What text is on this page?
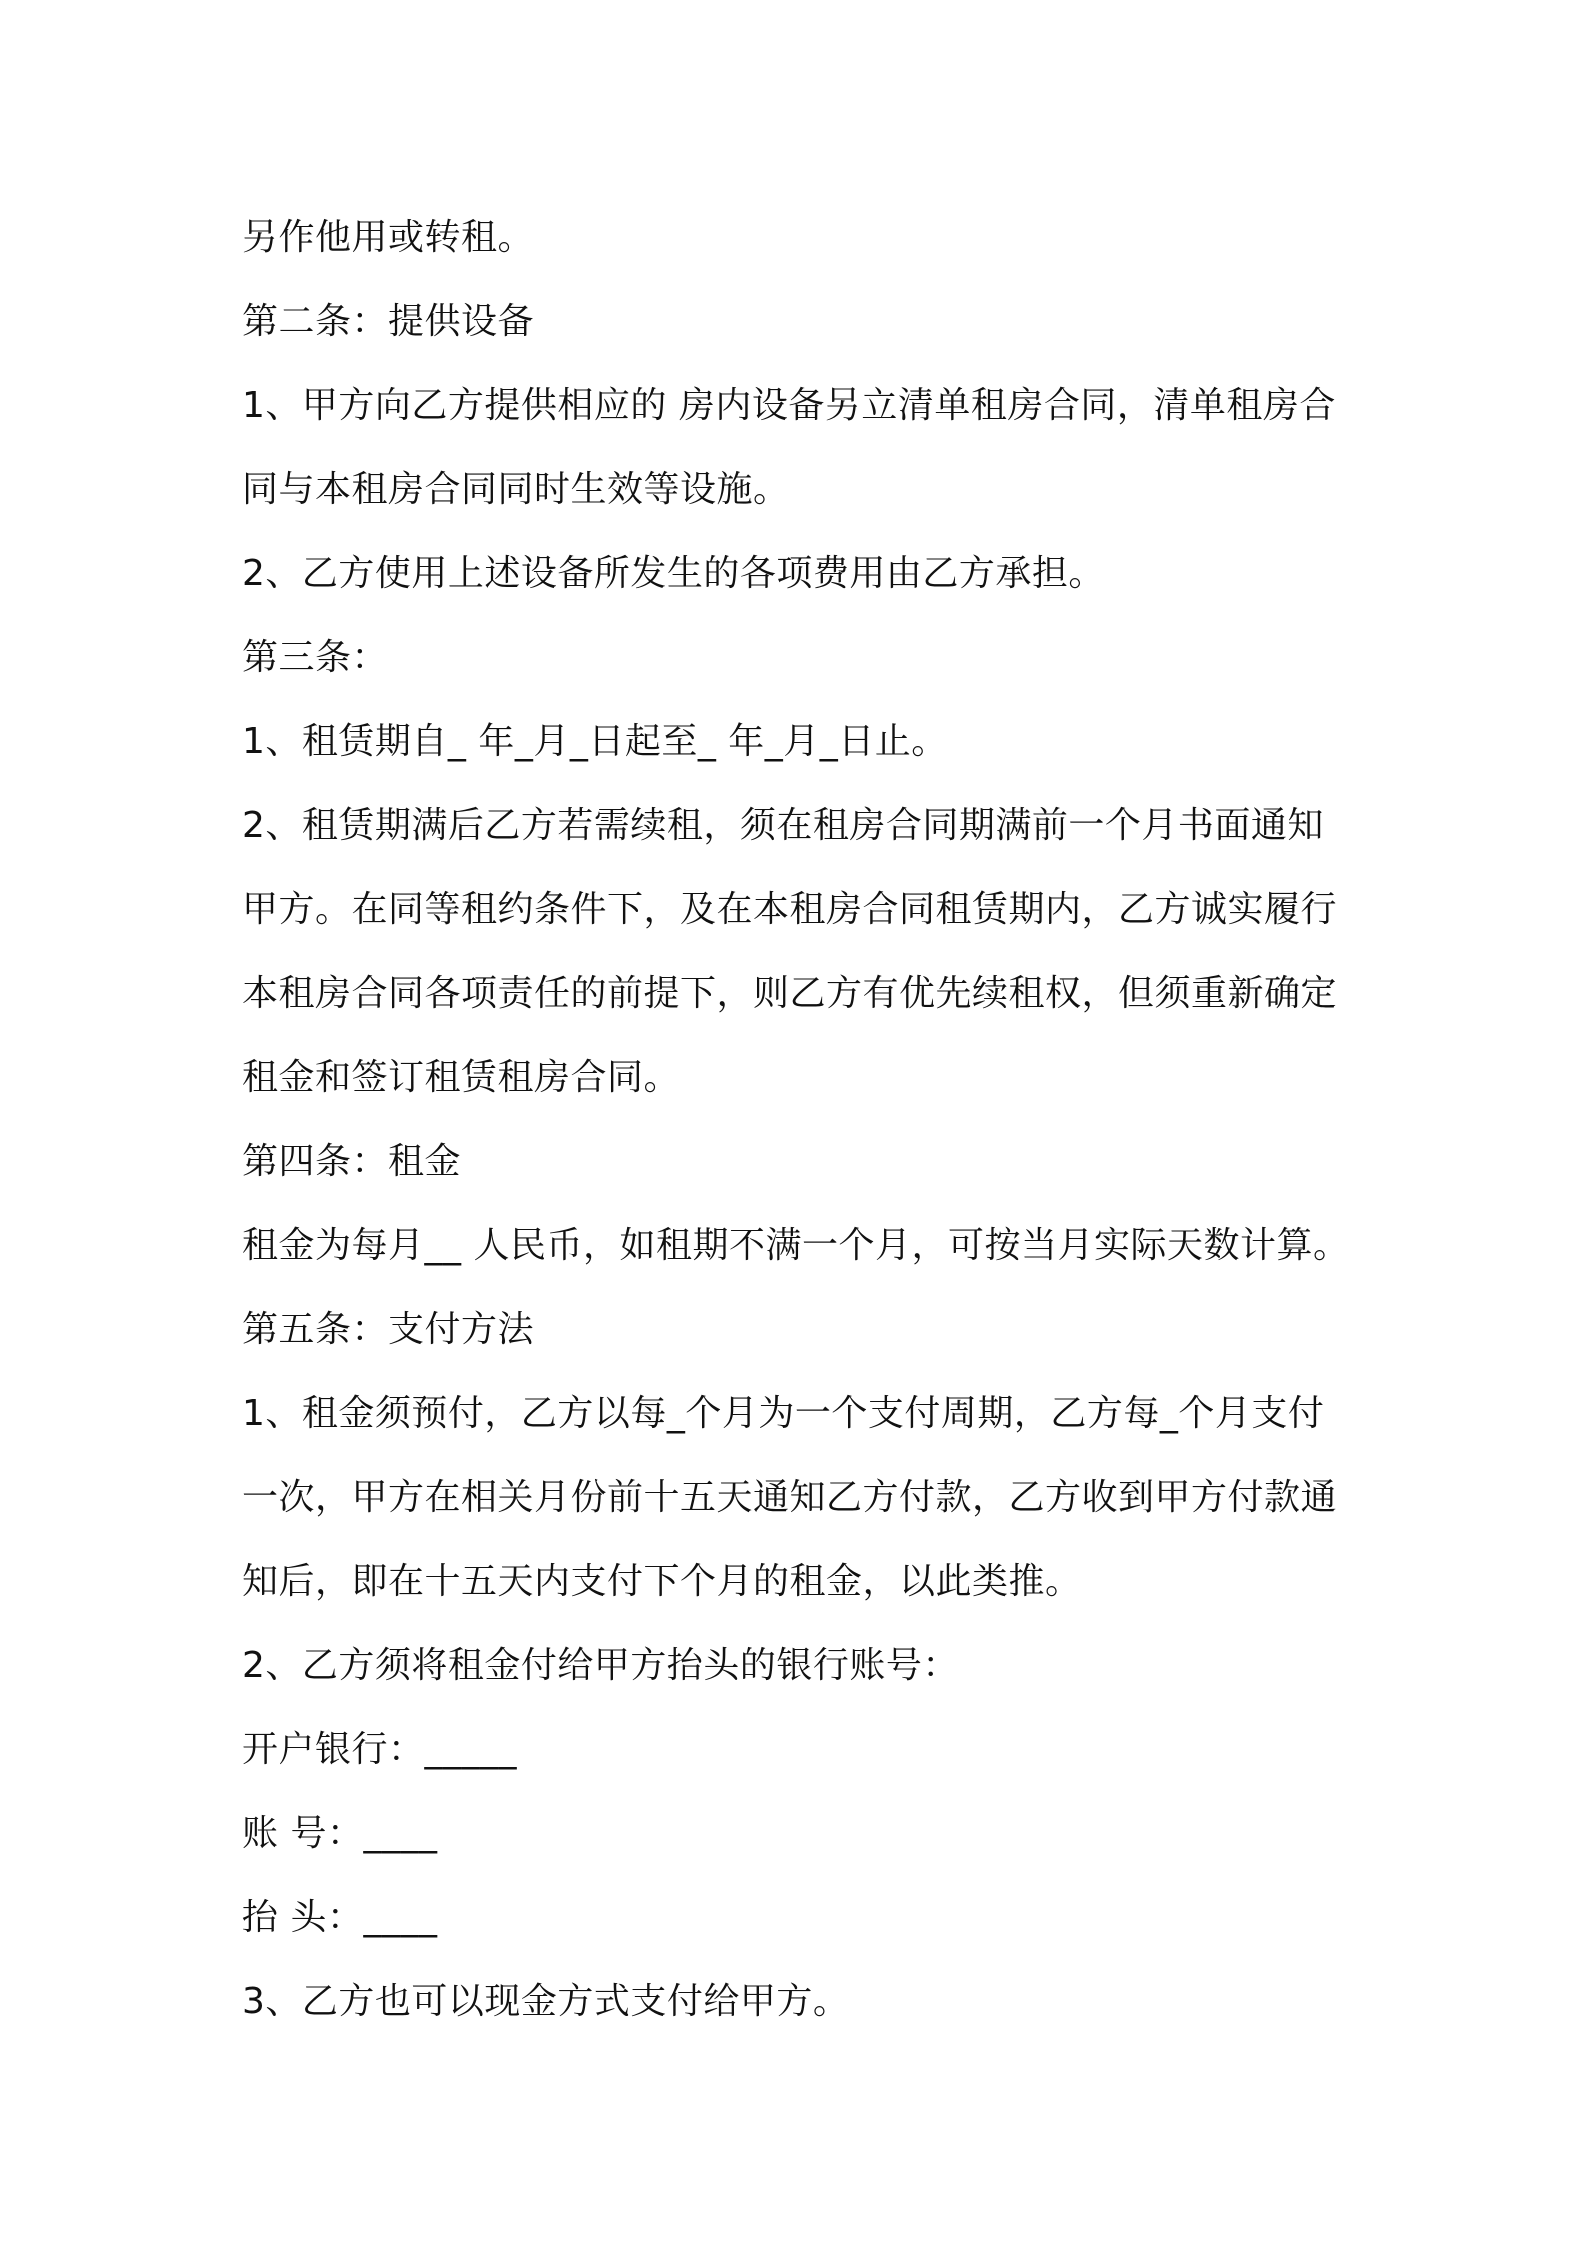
另作他用或转租。
第二条：提供设备
1、甲方向乙方提供相应的 房内设备另立清单租房合同，清单租房合
同与本租房合同同时生效等设施。
2、乙方使用上述设备所发生的各项费用由乙方承担。
第三条：
1、租赁期自_ 年_月_日起至_ 年_月_日止。
2、租赁期满后乙方若需续租，须在租房合同期满前一个月书面通知
甲方。在同等租约条件下，及在本租房合同租赁期内，乙方诚实履行
本租房合同各项责任的前提下，则乙方有优先续租权，但须重新确定
租金和签订租赁租房合同。
第四条：租金
租金为每月__ 人民币，如租期不满一个月，可按当月实际天数计算。
第五条：支付方法
1、租金须预付，乙方以每_个月为一个支付周期，乙方每_个月支付
一次，甲方在相关月份前十五天通知乙方付款，乙方收到甲方付款通
知后，即在十五天内支付下个月的租金，以此类推。
2、乙方须将租金付给甲方抬头的银行账号：
开户银行：_____
账 号：____
抬 头：____
3、乙方也可以现金方式支付给甲方。
